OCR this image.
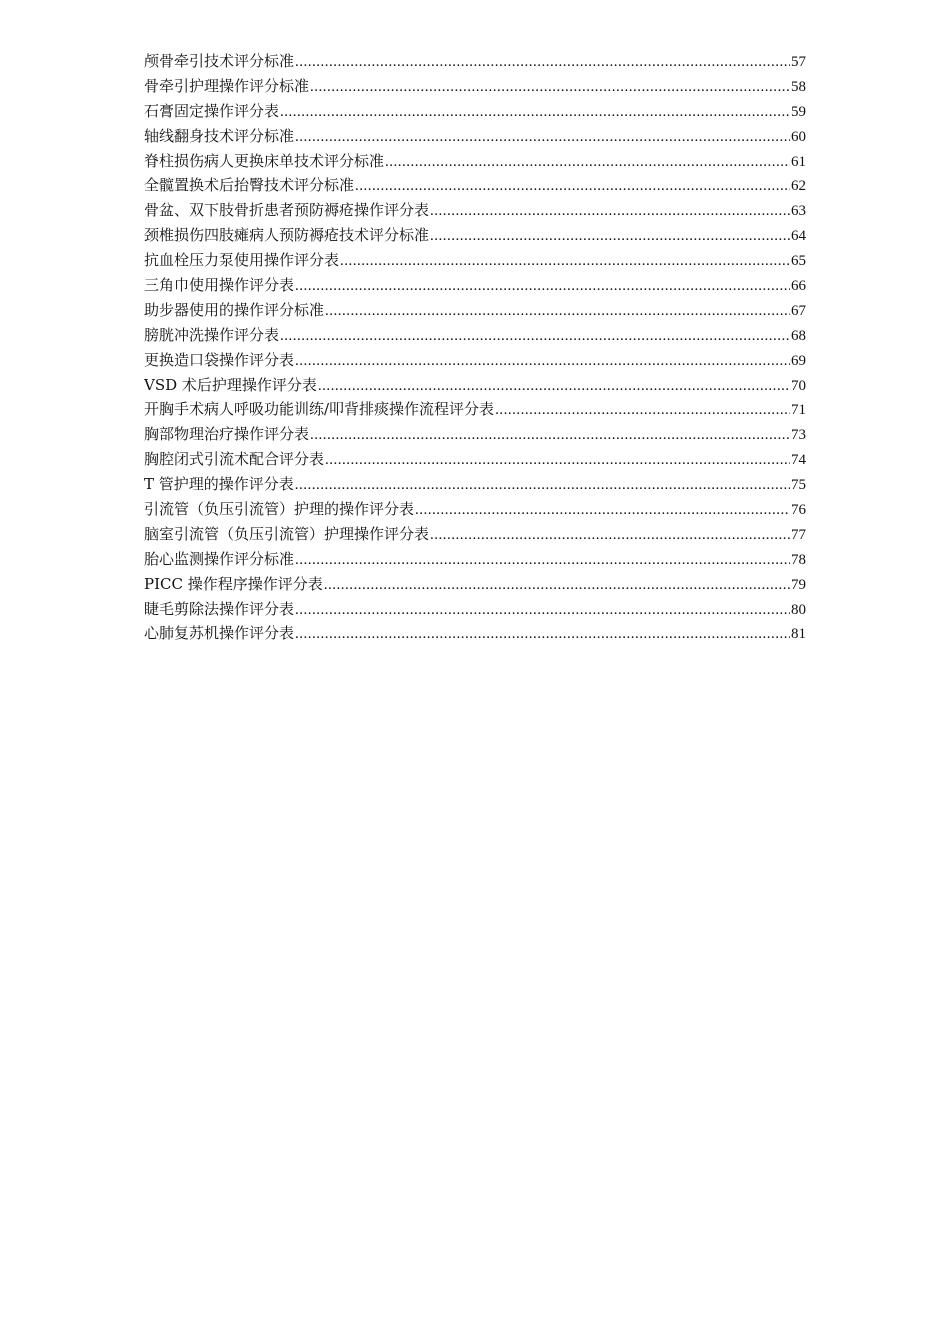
颅骨牵引技术评分标准 .....	57
骨牵引护理操作评分标准 .....	58
石膏固定操作评分表 .....	59
轴线翻身技术评分标准 .....	60
脊柱损伤病人更换床单技术评分标准 .....	61
全髋置换术后抬臀技术评分标准 .....	62
骨盆、双下肢骨折患者预防褥疮操作评分表 .....	63
颈椎损伤四肢瘫病人预防褥疮技术评分标准 .....	64
抗血栓压力泵使用操作评分表 .....	65
三角巾使用操作评分表 .....	66
助步器使用的操作评分标准 .....	67
膀胱冲洗操作评分表 .....	68
更换造口袋操作评分表 .....	69
VSD 术后护理操作评分表 .....	70
开胸手术病人呼吸功能训练/叩背排痰操作流程评分表 .....	71
胸部物理治疗操作评分表 .....	73
胸腔闭式引流术配合评分表 .....	74
T 管护理的操作评分表 .....	75
引流管（负压引流管）护理的操作评分表 .....	76
脑室引流管（负压引流管）护理操作评分表 .....	77
胎心监测操作评分标准 .....	78
PICC 操作程序操作评分表 .....	79
睫毛剪除法操作评分表 .....	80
心肺复苏机操作评分表 .....	81
